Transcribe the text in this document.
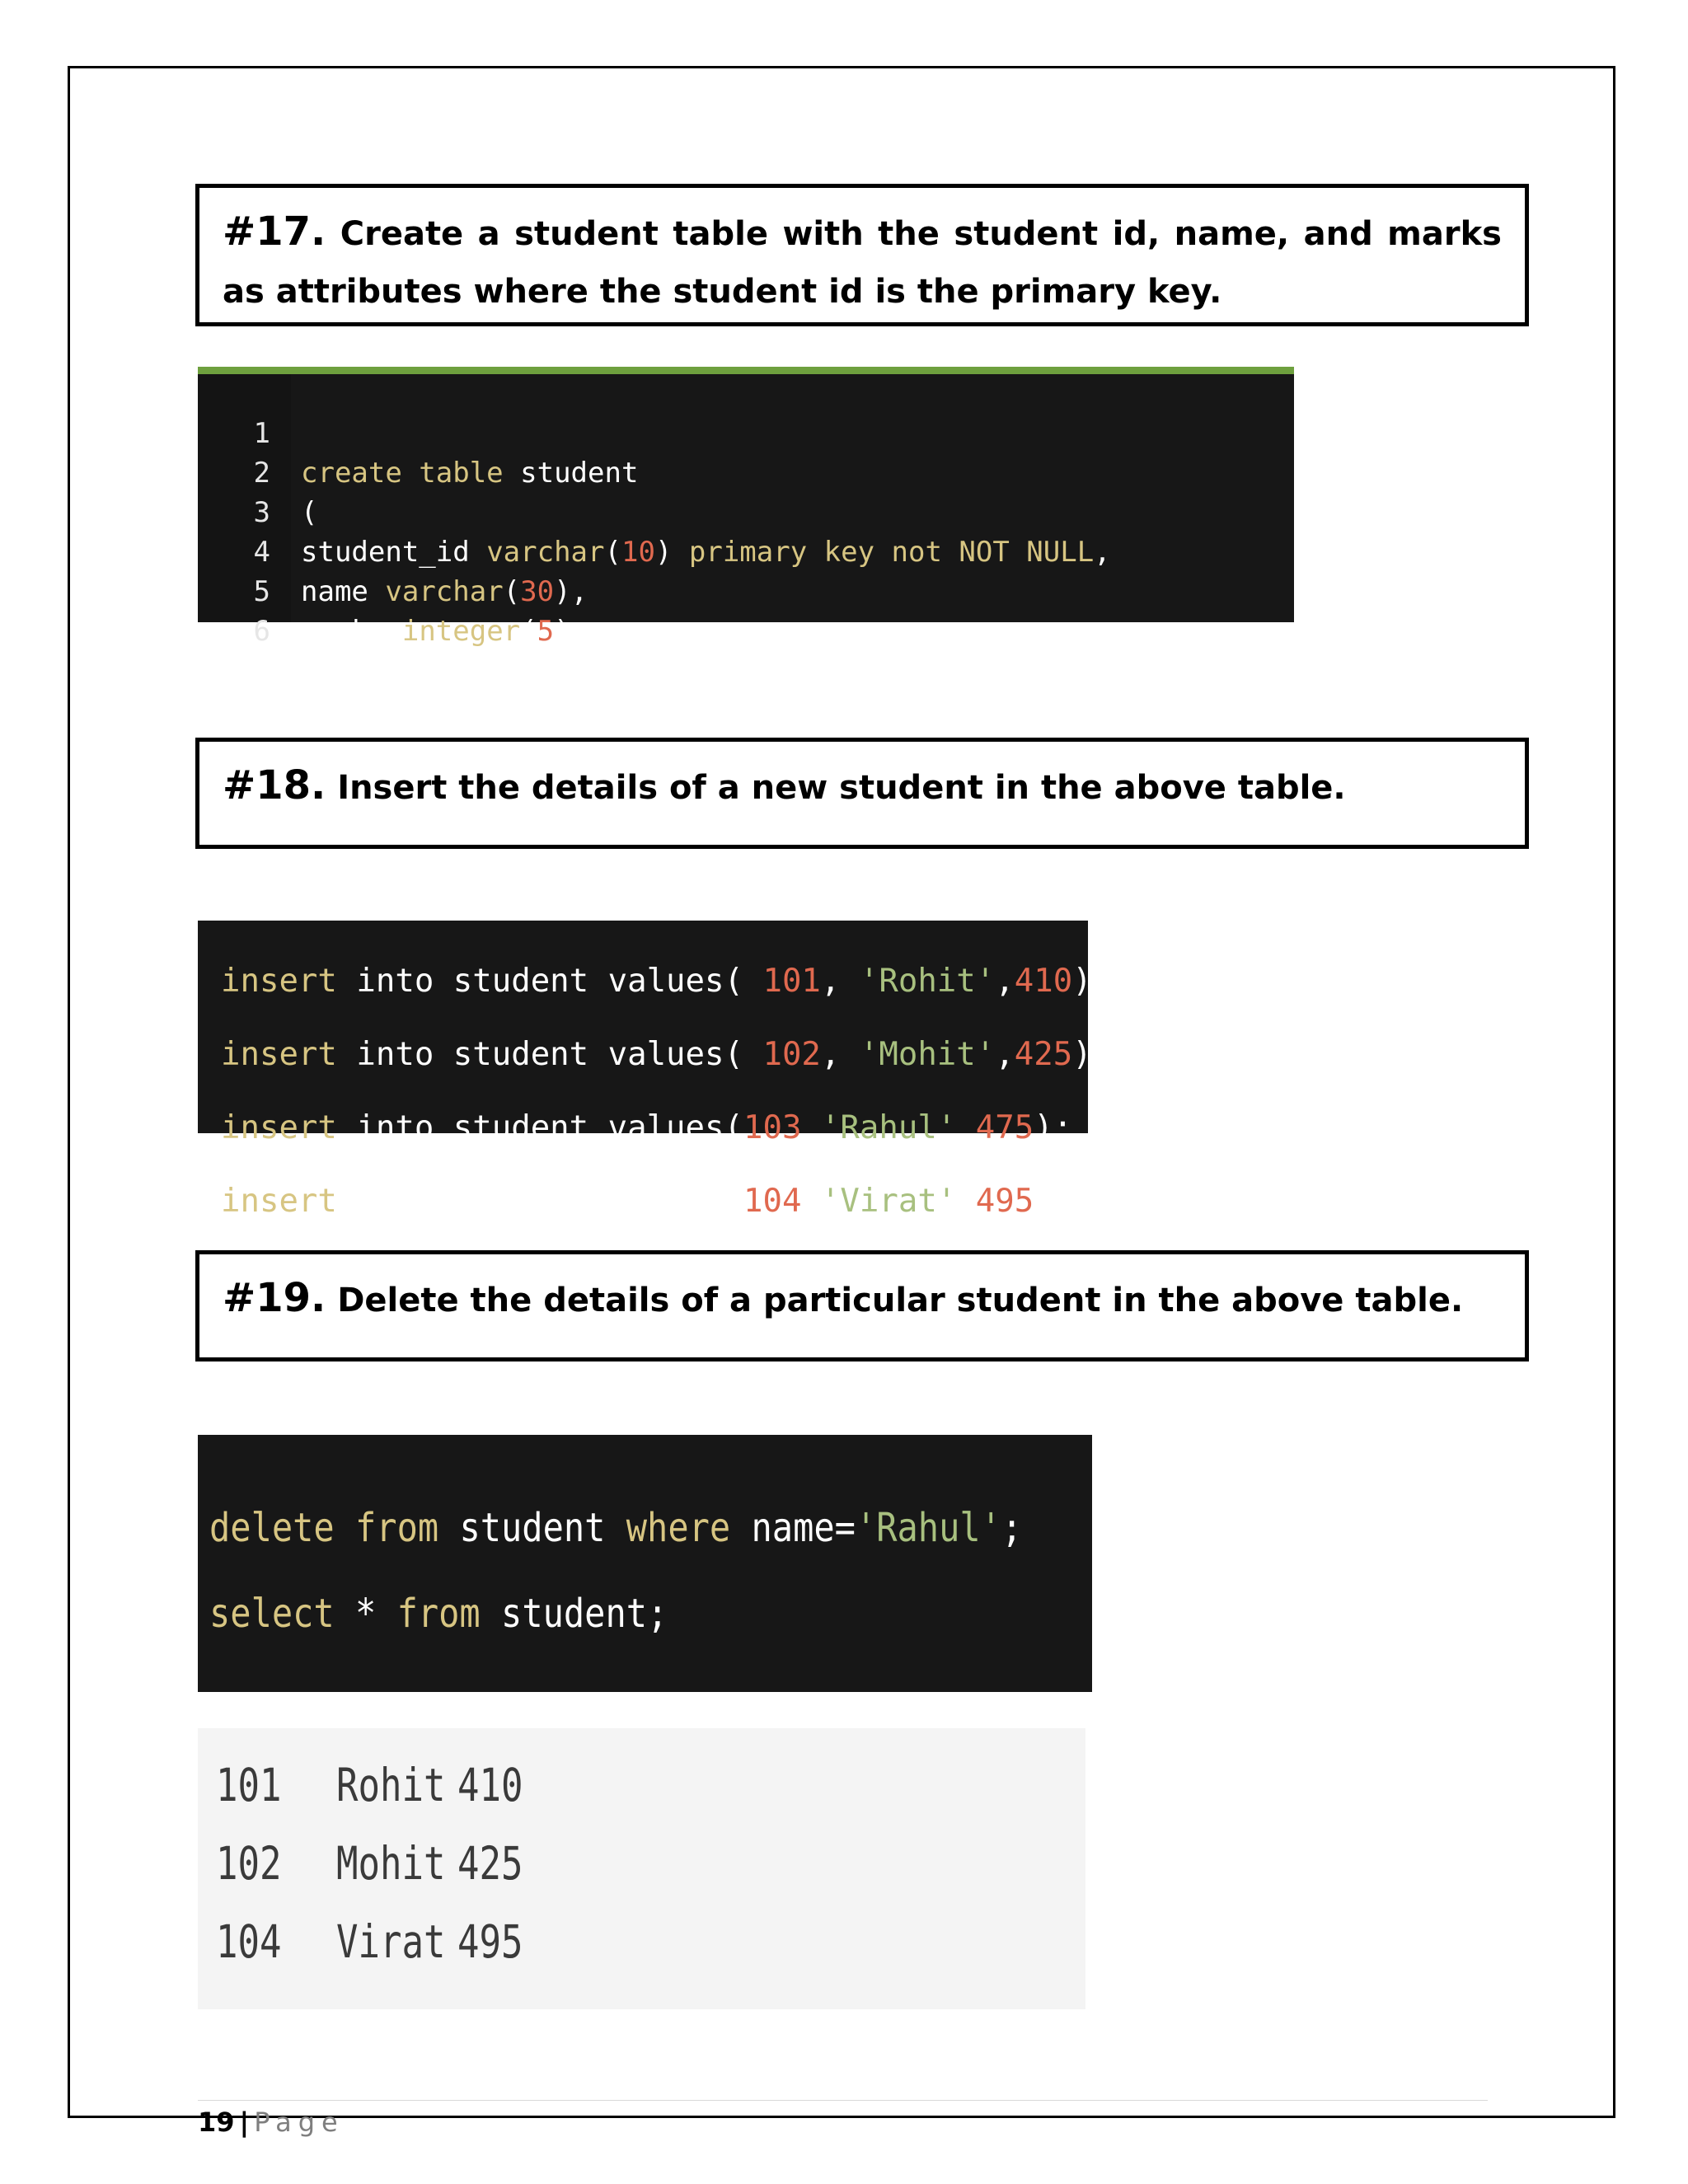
#17. Create a student table with the student id, name, and marks as attributes where the student id is the primary key.

1

create table student

2

(

3

student_id varchar(10) primary key not NOT NULL,

4

name varchar(30),

5

marks integer(5)

6

);

#18. Insert the details of a new student in the above table.

insert into student values( 101, 'Rohit',410);

insert into student values( 102, 'Mohit',425);

insert into student values(103,'Rahul',475);

insert into student values(104,'Virat',495);

#19. Delete the details of a particular student in the above table.

delete from student where name='Rahul';

select * from student;

101 Rohit 410
102 Mohit 425
104 Virat 495
19 | Page
